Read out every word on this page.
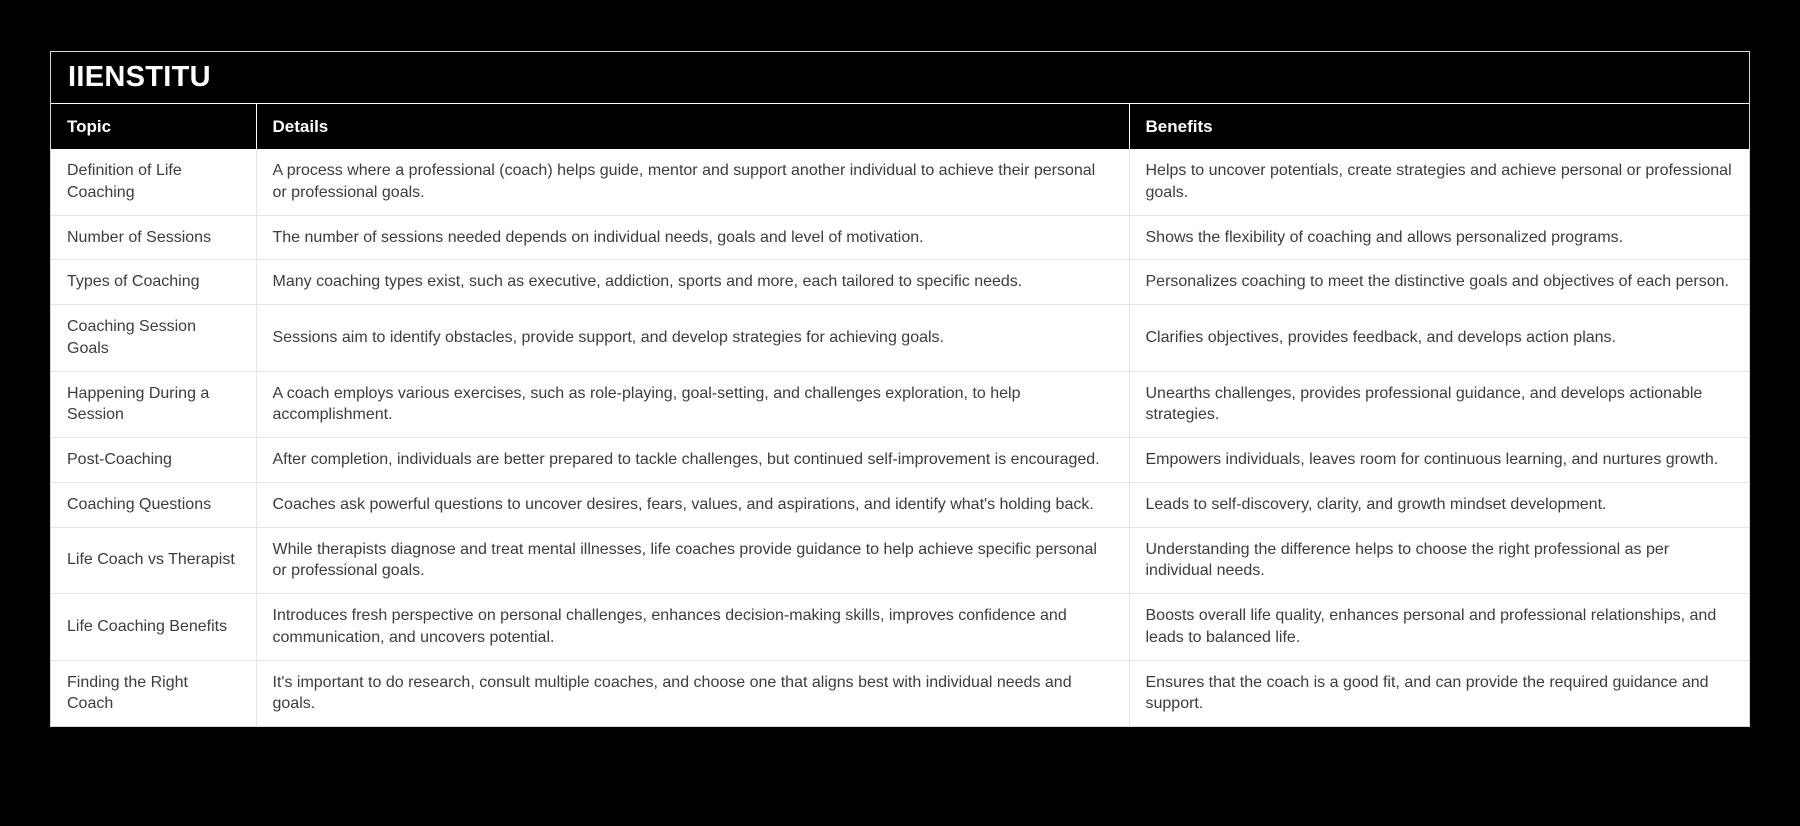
IIENSTITU
Topic	Details	Benefits
Definition of Life Coaching	A process where a professional (coach) helps guide, mentor and support another individual to achieve their personal or professional goals.	Helps to uncover potentials, create strategies and achieve personal or professional goals.
Number of Sessions	The number of sessions needed depends on individual needs, goals and level of motivation.	Shows the flexibility of coaching and allows personalized programs.
Types of Coaching	Many coaching types exist, such as executive, addiction, sports and more, each tailored to specific needs.	Personalizes coaching to meet the distinctive goals and objectives of each person.
Coaching Session Goals	Sessions aim to identify obstacles, provide support, and develop strategies for achieving goals.	Clarifies objectives, provides feedback, and develops action plans.
Happening During a Session	A coach employs various exercises, such as role-playing, goal-setting, and challenges exploration, to help accomplishment.	Unearths challenges, provides professional guidance, and develops actionable strategies.
Post-Coaching	After completion, individuals are better prepared to tackle challenges, but continued self-improvement is encouraged.	Empowers individuals, leaves room for continuous learning, and nurtures growth.
Coaching Questions	Coaches ask powerful questions to uncover desires, fears, values, and aspirations, and identify what's holding back.	Leads to self-discovery, clarity, and growth mindset development.
Life Coach vs Therapist	While therapists diagnose and treat mental illnesses, life coaches provide guidance to help achieve specific personal or professional goals.	Understanding the difference helps to choose the right professional as per individual needs.
Life Coaching Benefits	Introduces fresh perspective on personal challenges, enhances decision-making skills, improves confidence and communication, and uncovers potential.	Boosts overall life quality, enhances personal and professional relationships, and leads to balanced life.
Finding the Right Coach	It's important to do research, consult multiple coaches, and choose one that aligns best with individual needs and goals.	Ensures that the coach is a good fit, and can provide the required guidance and support.
